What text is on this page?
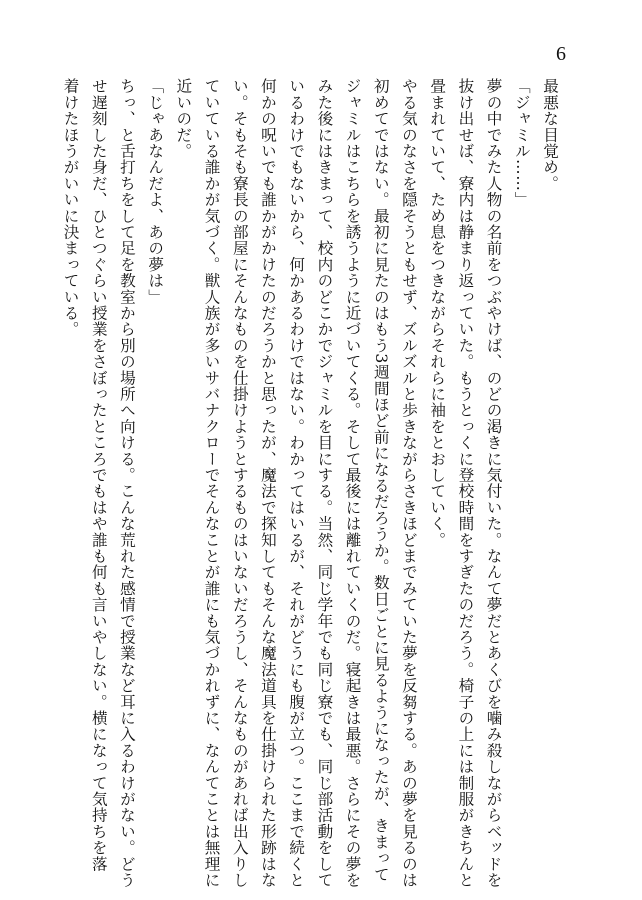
6
最悪な目覚め。
「ジャミル……」
夢の中でみた人物の名前をつぶやけば、のどの渇きに気付いた。なんて夢だとあくびを噛み殺しながらベッドを
抜け出せば、寮内は静まり返っていた。もうとっくに登校時間をすぎたのだろう。椅子の上には制服がきちんと
畳まれていて、ため息をつきながらそれらに袖をとおしていく。
やる気のなさを隠そうともせず、ズルズルと歩きながらさきほどまでみていた夢を反芻する。あの夢を見るのは
初めてではない。最初に見たのはもう3週間ほど前になるだろうか。数日ごとに見るようになったが、きまって
ジャミルはこちらを誘うように近づいてくる。そして最後には離れていくのだ。寝起きは最悪。さらにその夢を
みた後にはきまって、校内のどこかでジャミルを目にする。当然、同じ学年でも同じ寮でも、同じ部活動をして
いるわけでもないから、何かあるわけではない。わかってはいるが、それがどうにも腹が立つ。ここまで続くと
何かの呪いでも誰かがかけたのだろうかと思ったが、魔法で探知してもそんな魔法道具を仕掛けられた形跡はな
い。そもそも寮長の部屋にそんなものを仕掛けようとするものはいないだろうし、そんなものがあれば出入りし
ていている誰かが気づく。獣人族が多いサバナクローでそんなことが誰にも気づかれずに、なんてことは無理に
近いのだ。
「じゃあなんだよ、あの夢は」
ちっ、と舌打ちをして足を教室から別の場所へ向ける。こんな荒れた感情で授業など耳に入るわけがない。どう
せ遅刻した身だ、ひとつぐらい授業をさぼったところでもはや誰も何も言いやしない。横になって気持ちを落
着けたほうがいいに決まっている。
